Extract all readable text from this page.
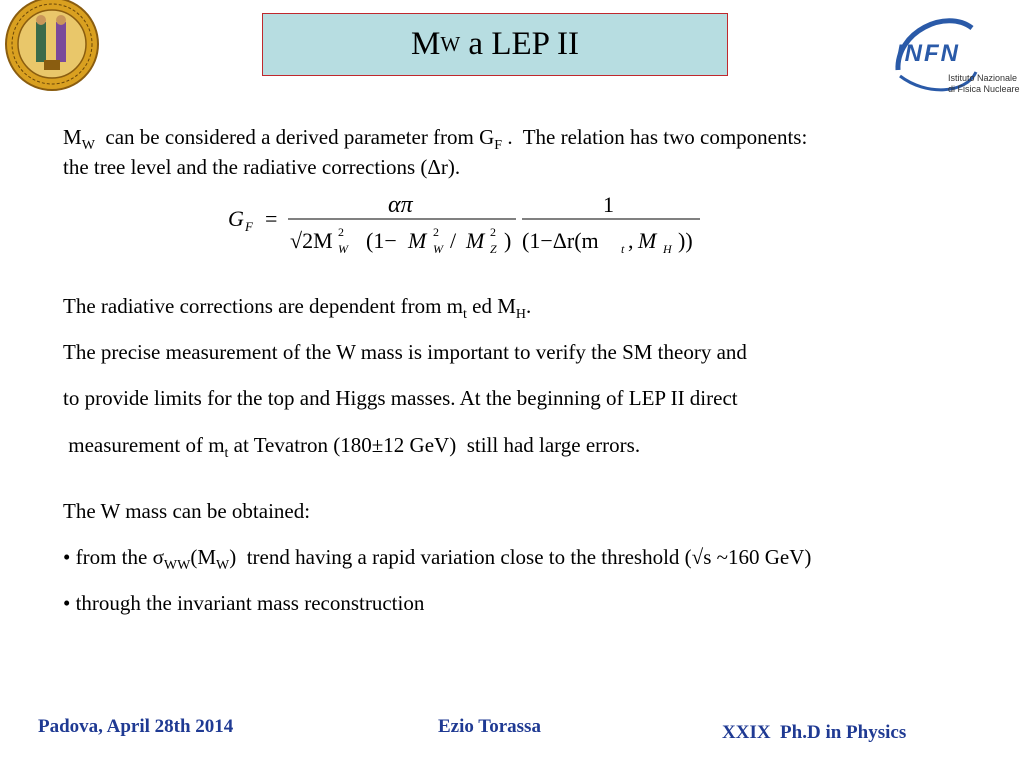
M W a LEP II	INFN
Istituto Nazionale
di Fisica Nucleare
$M_W$  can be considered a derived parameter from $G_F$ .  The relation has two components:
the tree level and the radiative corrections (Δr).
G F =
απ
√2M 2
W (1− M 2
W / M 2
Z )
1
(1−Δr(m t , M H ))
The radiative corrections are dependent from $m_t$ ed $M_H$.
The precise measurement of the W mass is important to verify the SM theory and
to provide limits for the top and Higgs masses. At the beginning of LEP II direct
measurement of $m_t$ at Tevatron (180±12 GeV)  still had large errors.
The W mass can be obtained:
• from the $\sigma_{WW}(M_W)$  trend having a rapid variation close to the threshold (√s ~160 GeV)
• through the invariant mass reconstruction
Padova, April 28th 2014	Ezio Torassa	XXIX  Ph.D in Physics
